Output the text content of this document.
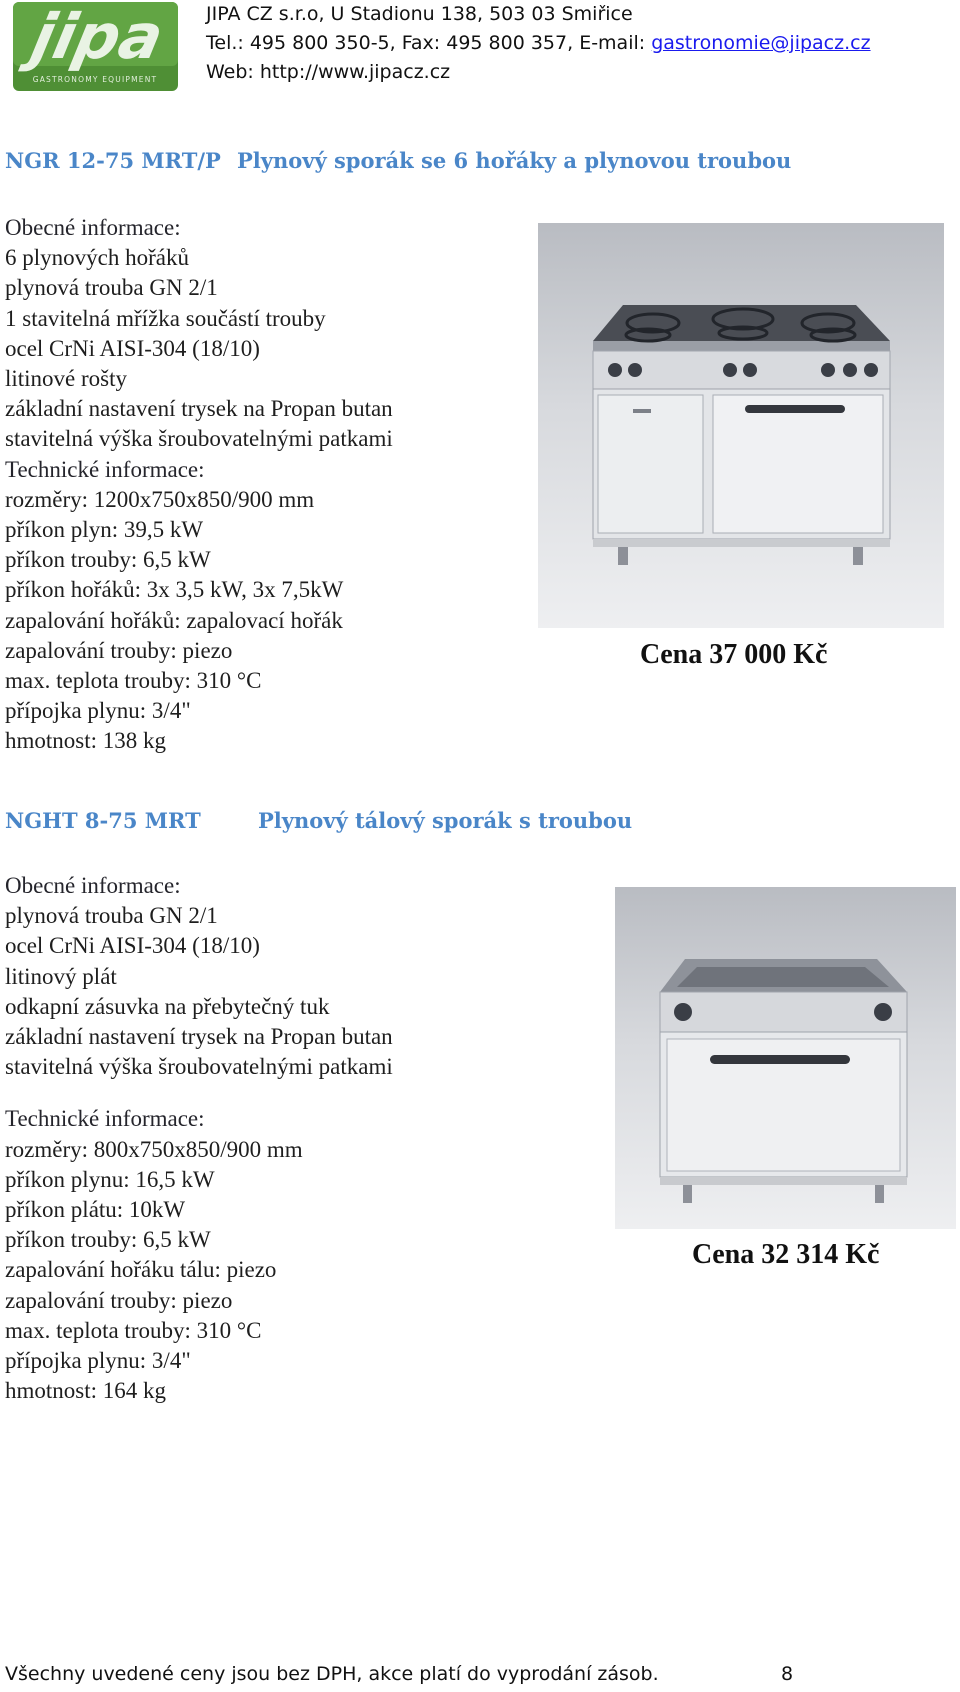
jipa
GASTRONOMY EQUIPMENT
JIPA CZ s.r.o, U Stadionu 138, 503 03 Smiřice
Tel.: 495 800 350-5, Fax: 495 800 357, E-mail: gastronomie@jipacz.cz
Web: http://www.jipacz.cz
NGR 12-75 MRT/P Plynový sporák se 6 hořáky a plynovou troubou
Obecné informace:
6 plynových hořáků
plynová trouba GN 2/1
1 stavitelná mřížka součástí trouby
ocel CrNi AISI-304 (18/10)
litinové rošty
základní nastavení trysek na Propan butan
stavitelná výška šroubovatelnými patkami
Technické informace:
rozměry: 1200x750x850/900 mm
příkon plyn: 39,5 kW
příkon trouby: 6,5 kW
příkon hořáků: 3x 3,5 kW, 3x 7,5kW
zapalování hořáků: zapalovací hořák
zapalování trouby: piezo
max. teplota trouby: 310 °C
přípojka plynu: 3/4"
hmotnost: 138 kg
Cena 37 000 Kč
NGHT 8-75 MRT	Plynový tálový sporák s troubou
Obecné informace:
plynová trouba GN 2/1
ocel CrNi AISI-304 (18/10)
litinový plát
odkapní zásuvka na přebytečný tuk
základní nastavení trysek na Propan butan
stavitelná výška šroubovatelnými patkami
Technické informace:
rozměry: 800x750x850/900 mm
příkon plynu: 16,5 kW
příkon plátu: 10kW
příkon trouby: 6,5 kW
zapalování hořáku tálu: piezo
zapalování trouby: piezo
max. teplota trouby: 310 °C
přípojka plynu: 3/4"
hmotnost: 164 kg
Cena 32 314 Kč
Všechny uvedené ceny jsou bez DPH, akce platí do vyprodání zásob.	8
